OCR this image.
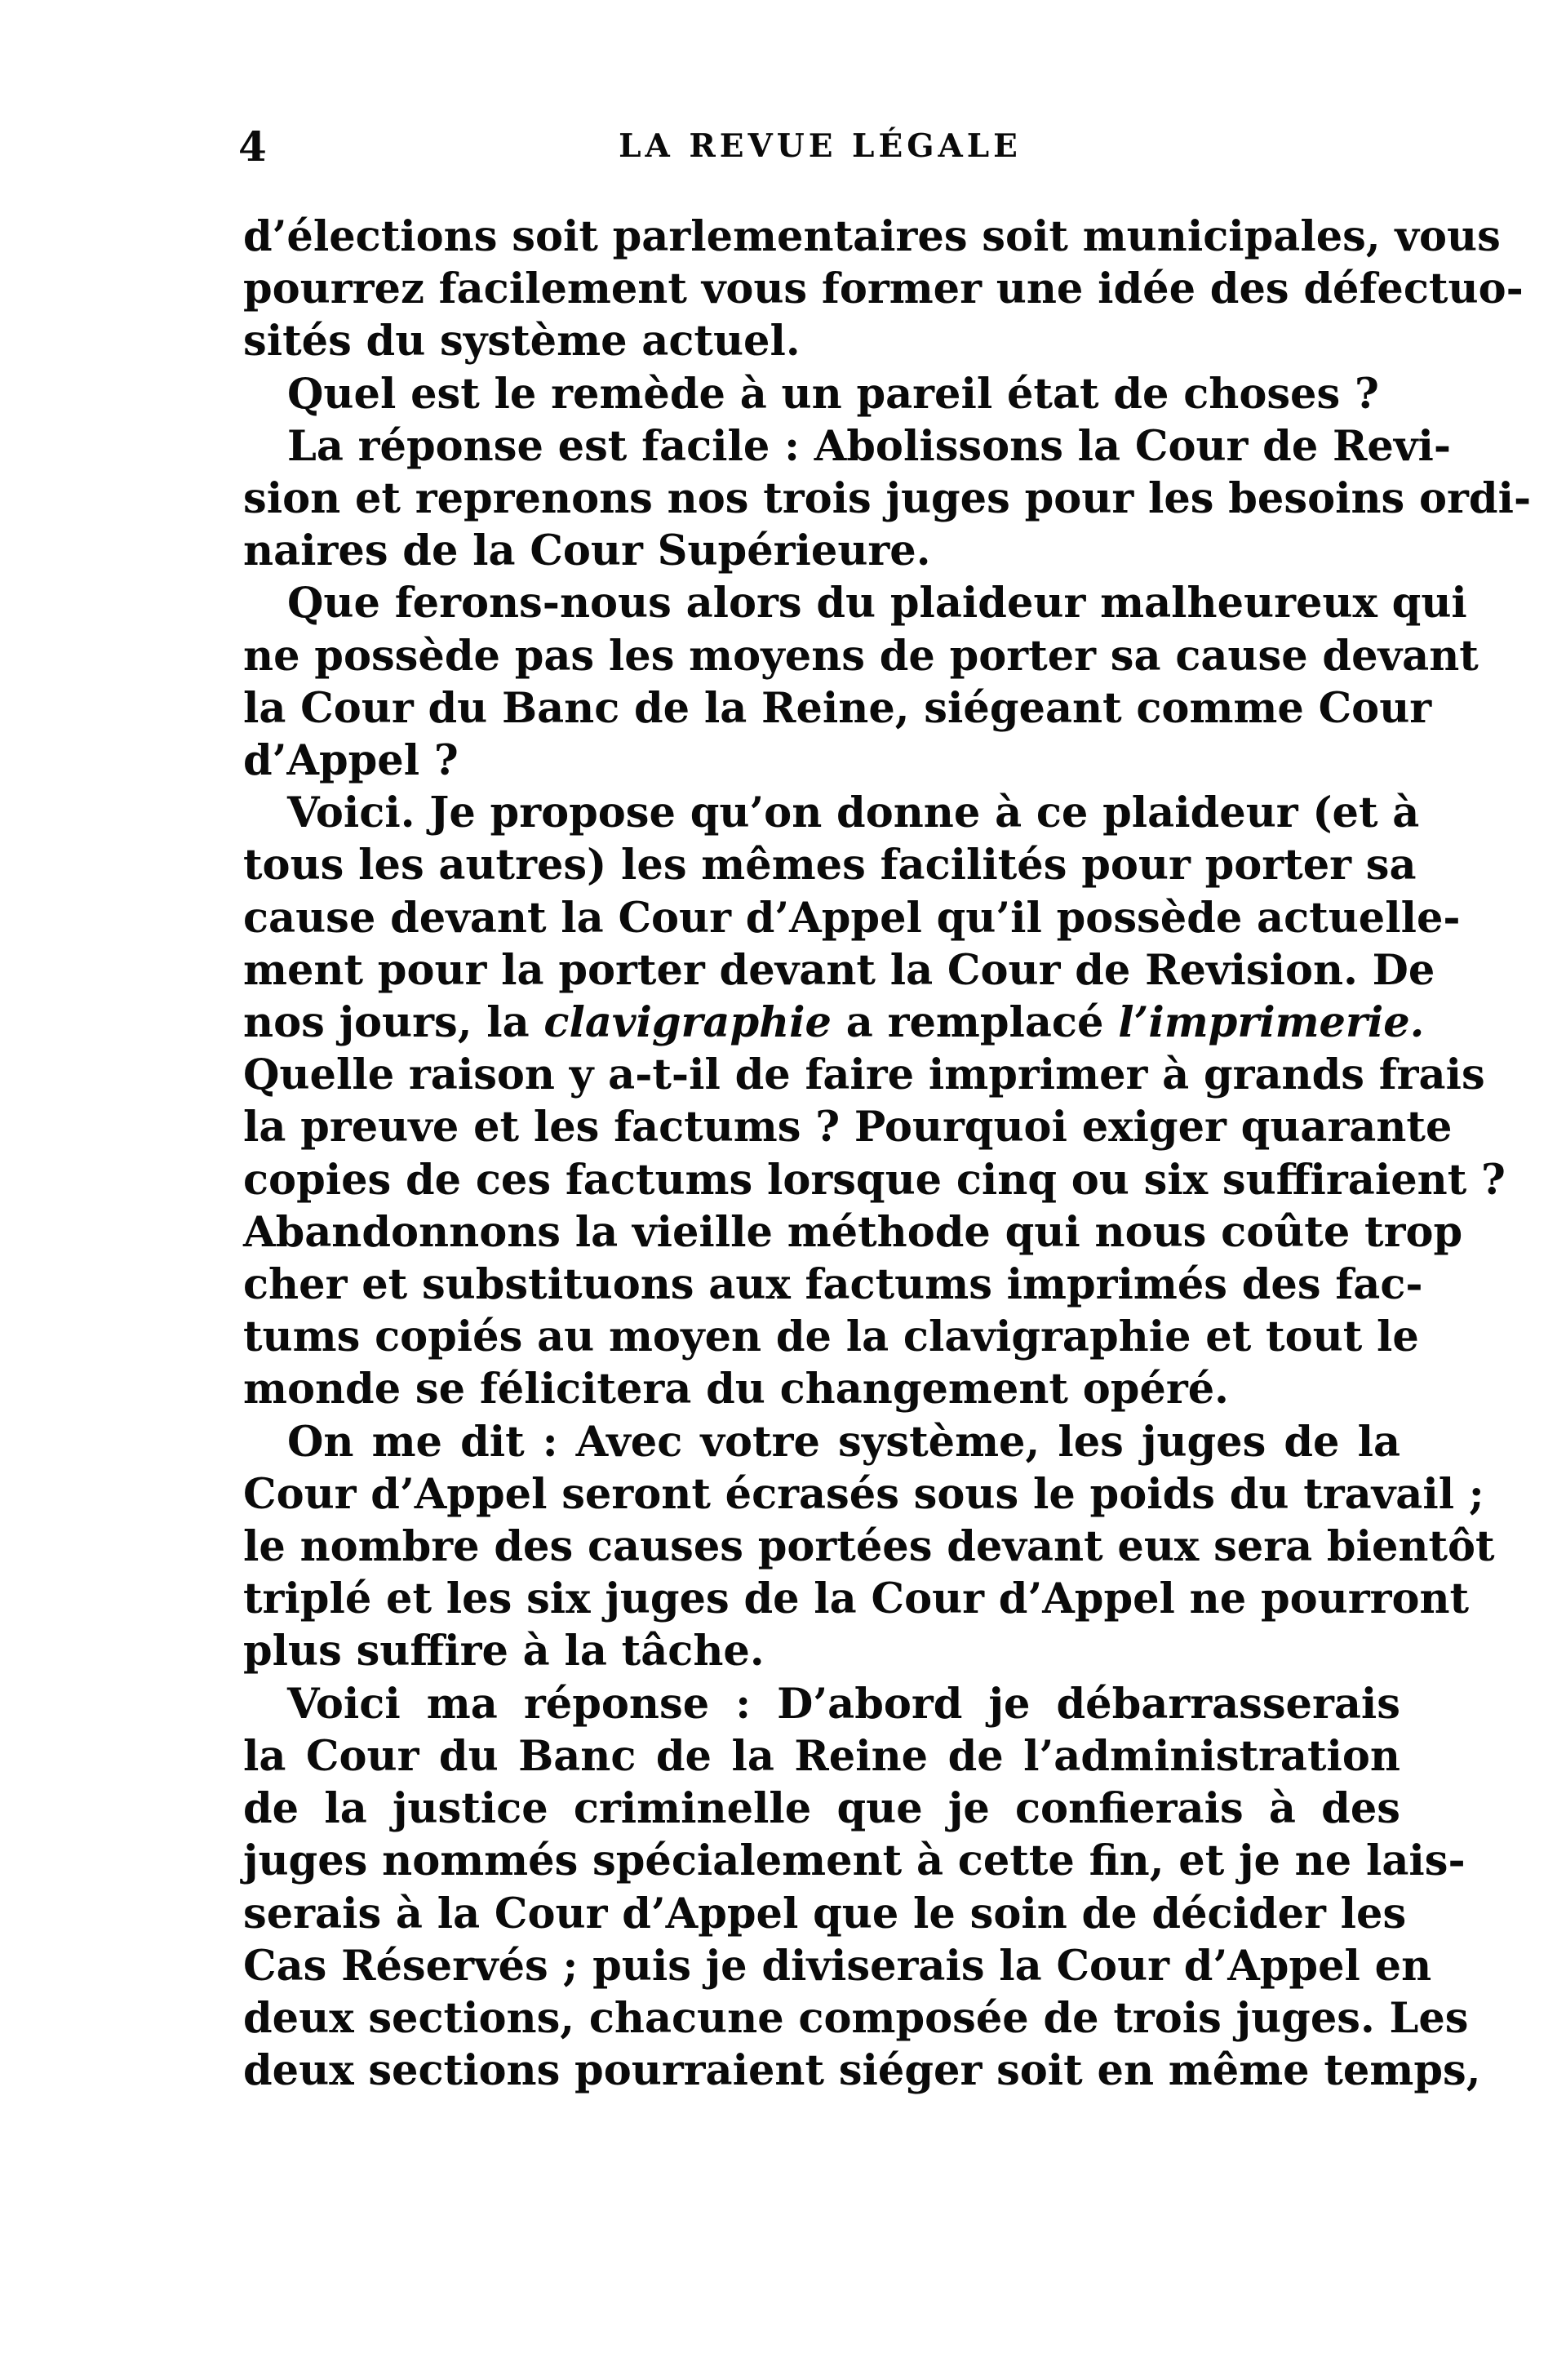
4	LA REVUE LÉGALE

d’élections soit parlementaires soit municipales, vous
pourrez facilement vous former une idée des défectuo-
sités du système actuel.

Quel est le remède à un pareil état de choses ?

La réponse est facile : Abolissons la Cour de Revi-
sion et reprenons nos trois juges pour les besoins ordi-
naires de la Cour Supérieure.

Que ferons-nous alors du plaideur malheureux qui
ne possède pas les moyens de porter sa cause devant
la Cour du Banc de la Reine, siégeant comme Cour
d’Appel ?

Voici. Je propose qu’on donne à ce plaideur (et à
tous les autres) les mêmes facilités pour porter sa
cause devant la Cour d’Appel qu’il possède actuelle-
ment pour la porter devant la Cour de Revision. De
nos jours, la clavigraphie a remplacé l’imprimerie.
Quelle raison y a-t-il de faire imprimer à grands frais
la preuve et les factums ? Pourquoi exiger quarante
copies de ces factums lorsque cinq ou six suffiraient ?
Abandonnons la vieille méthode qui nous coûte trop
cher et substituons aux factums imprimés des fac-
tums copiés au moyen de la clavigraphie et tout le
monde se félicitera du changement opéré.

On me dit : Avec votre système, les juges de la
Cour d’Appel seront écrasés sous le poids du travail ;
le nombre des causes portées devant eux sera bientôt
triplé et les six juges de la Cour d’Appel ne pourront
plus suffire à la tâche.

Voici ma réponse : D’abord je débarrasserais
la Cour du Banc de la Reine de l’administration
de la justice criminelle que je confierais à des
juges nommés spécialement à cette fin, et je ne lais-
serais à la Cour d’Appel que le soin de décider les
Cas Réservés ; puis je diviserais la Cour d’Appel en
deux sections, chacune composée de trois juges. Les
deux sections pourraient siéger soit en même temps,
